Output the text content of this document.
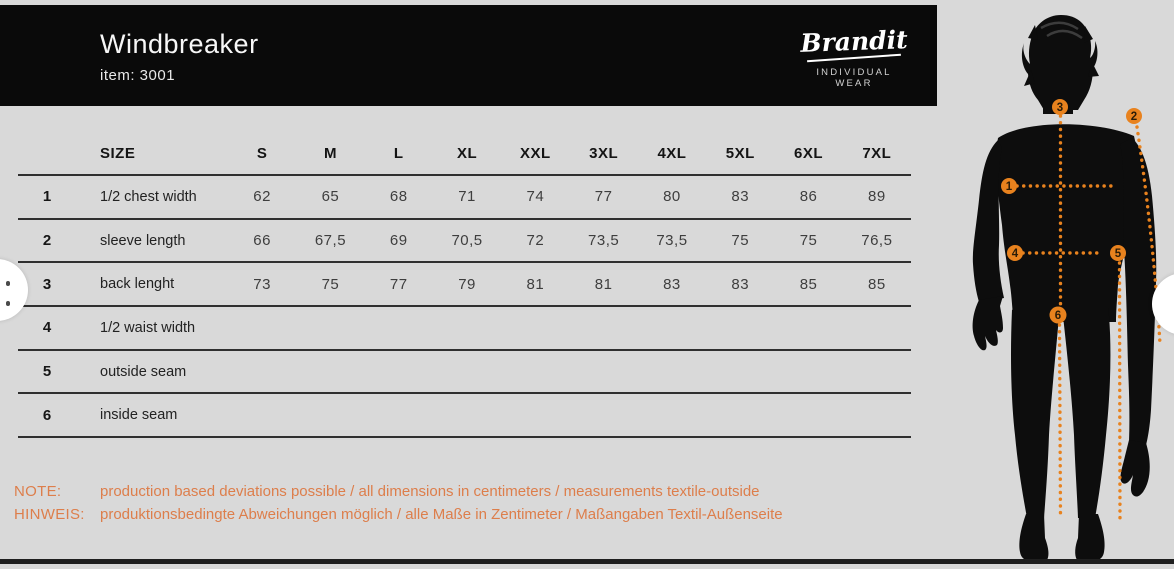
Windbreaker
item: 3001
Brandit
INDIVIDUAL WEAR
SIZE	S	M	L	XL	XXL	3XL	4XL	5XL	6XL	7XL
1	1/2 chest width	62	65	68	71	74	77	80	83	86	89
2	sleeve length	66	67,5	69	70,5	72	73,5	73,5	75	75	76,5
3	back lenght	73	75	77	79	81	81	83	83	85	85
4	1/2 waist width
5	outside seam
6	inside seam
NOTE:	production based deviations possible / all dimensions in centimeters / measurements textile-outside
HINWEIS:	produktionsbedingte Abweichungen möglich / alle Maße in Zentimeter / Maßangaben Textil-Außenseite
1
2
3
4	5
6
